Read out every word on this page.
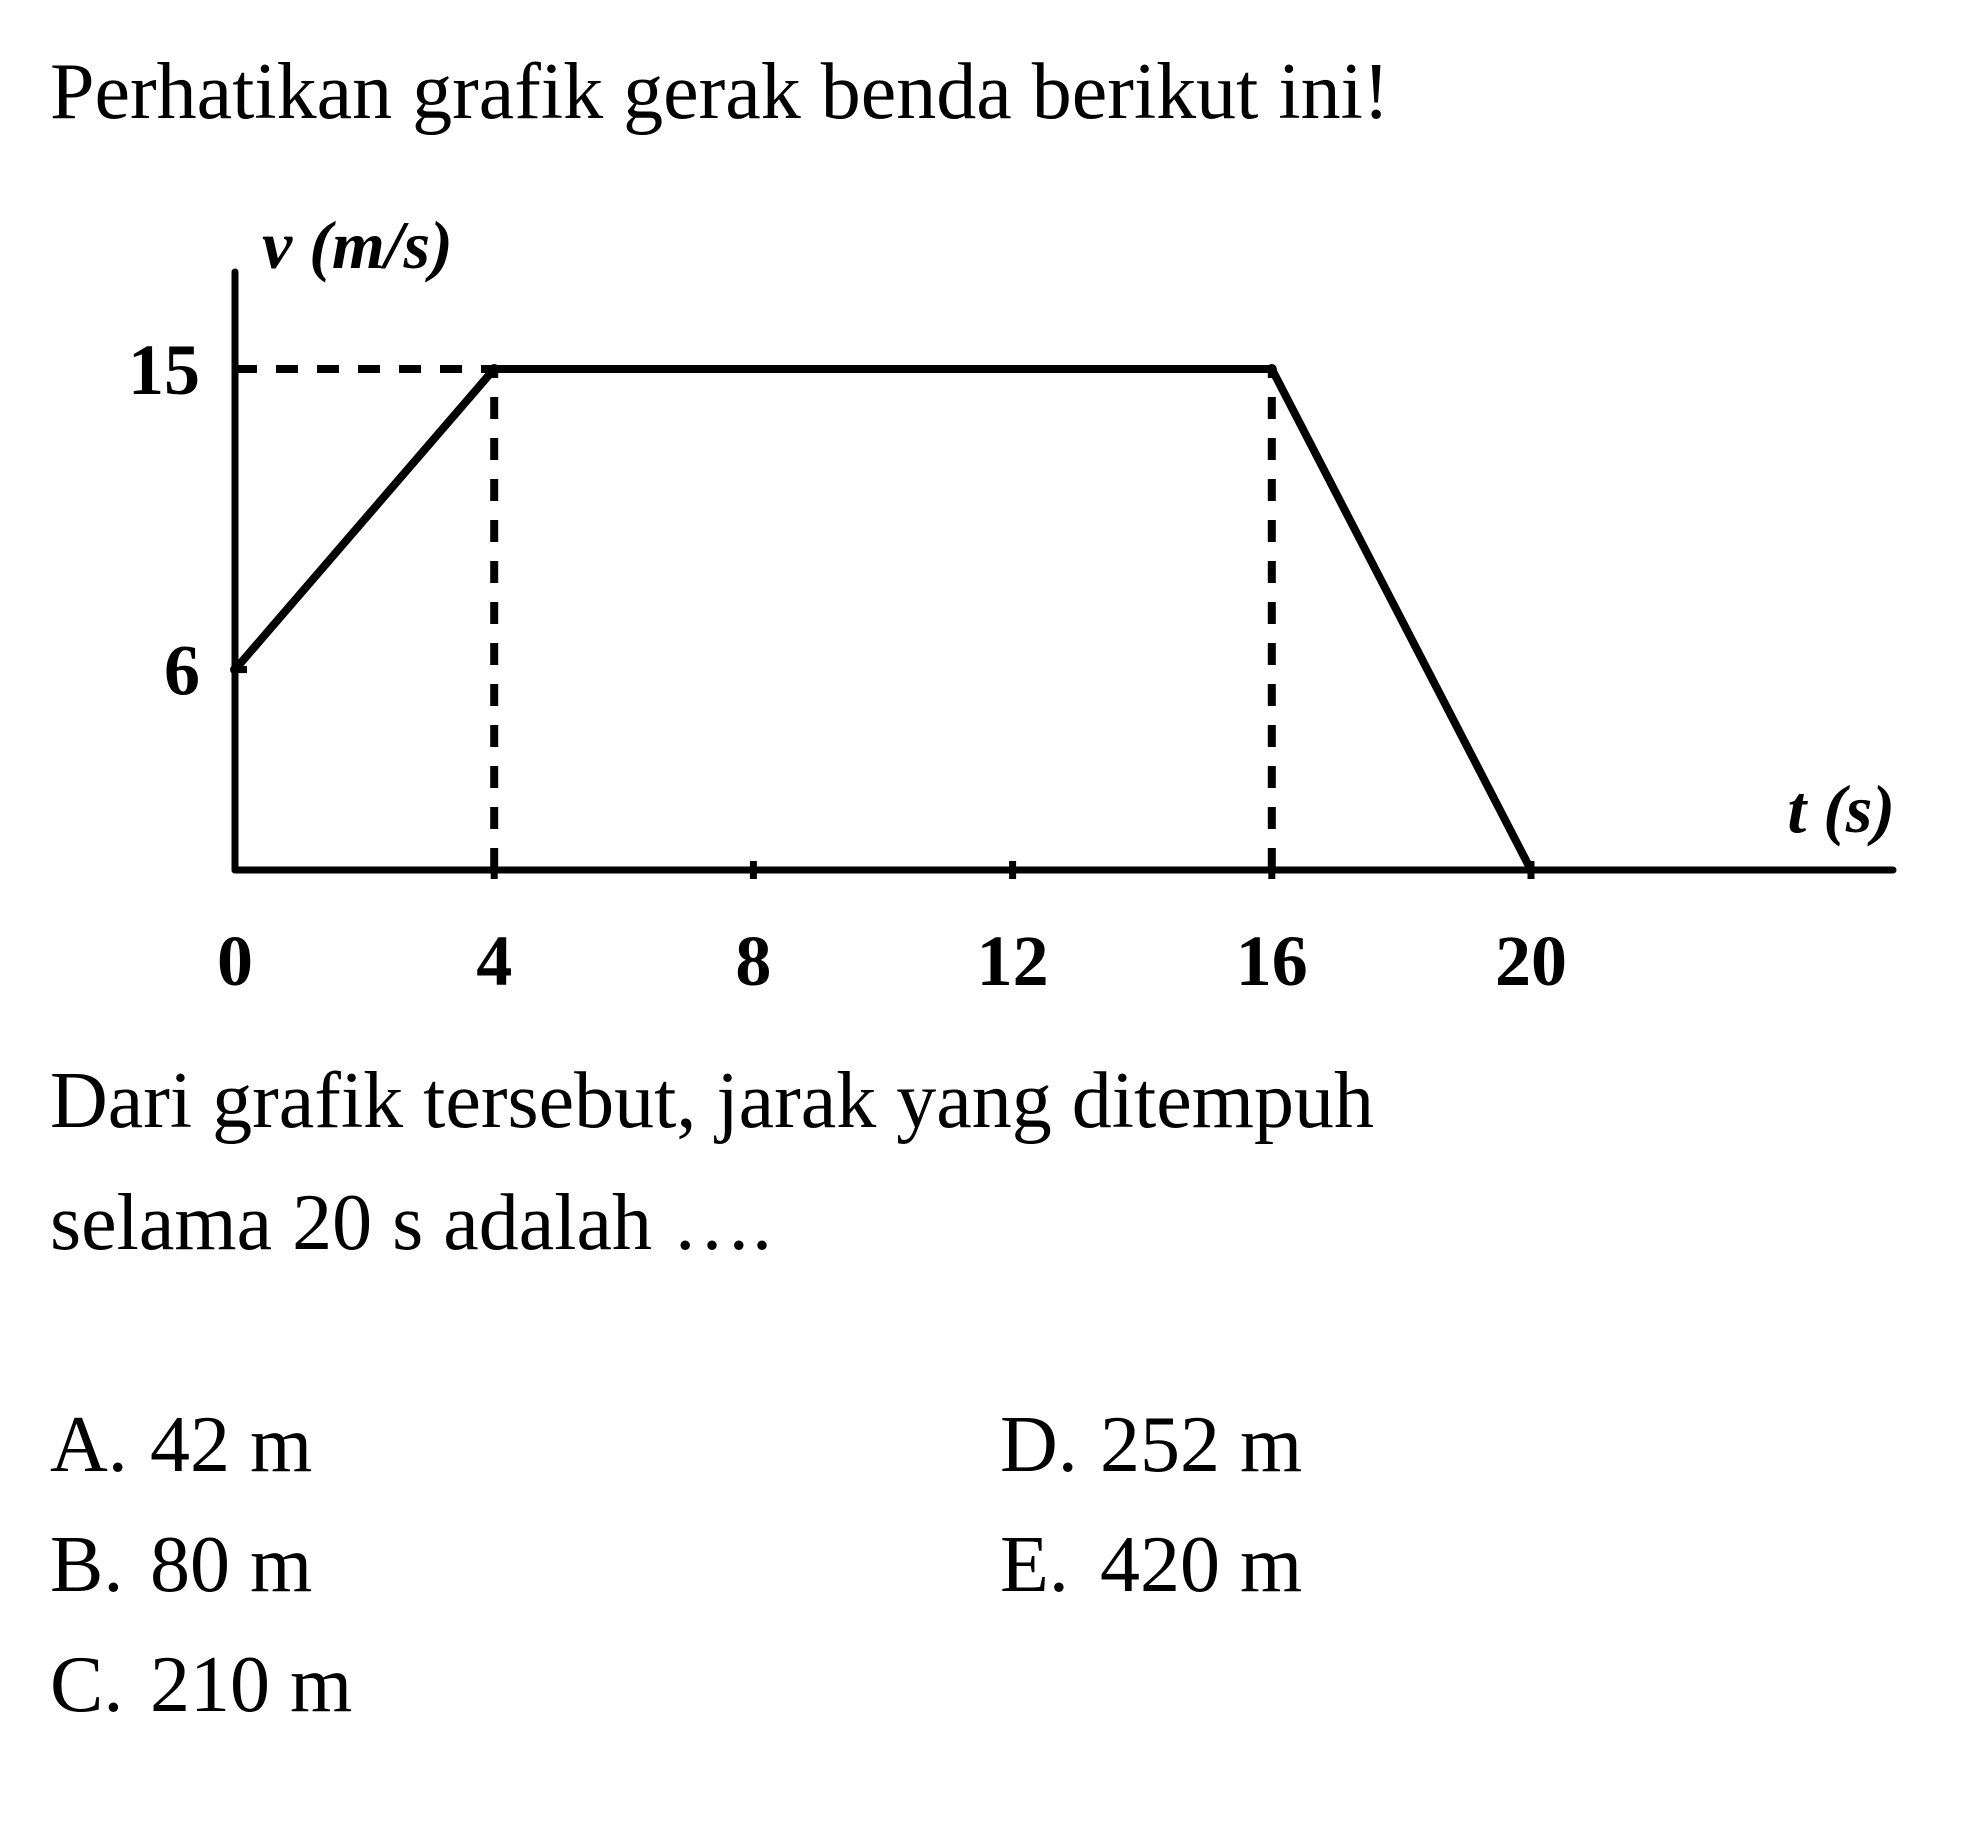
Perhatikan grafik gerak benda berikut ini!
0	4	8	12	16	20
6
15
v (m/s)
t (s)

Dari grafik tersebut, jarak yang ditempuh
selama 20 s adalah ….

A. 42 m
B. 80 m
C. 210 m
D. 252 m
E. 420 m
